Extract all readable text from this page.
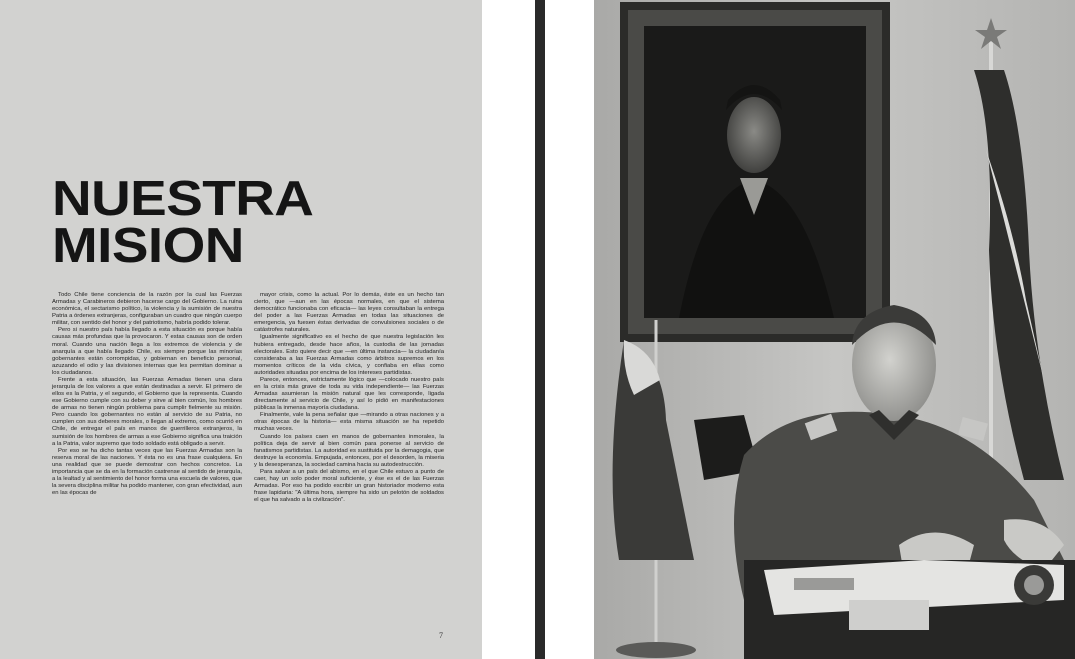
NUESTRA
MISION

Todo Chile tiene conciencia de la razón por la cual las Fuerzas Armadas y Carabineros debieron hacerse cargo del Gobierno. La ruina económica, el sectarismo político, la violencia y la sumisión de nuestra Patria a órdenes extranjeras, configuraban un cuadro que ningún cuerpo militar, con sentido del honor y del patriotismo, habría podido tolerar.

Pero si nuestro país había llegado a esta situación es porque había causas más profundas que la provocaron. Y estas causas son de orden moral. Cuando una nación llega a los extremos de violencia y de anarquía a que había llegado Chile, es siempre porque las minorías gobernantes están corrompidas, y gobiernan en beneficio personal, azuzando el odio y las divisiones internas que les permitan dominar a los ciudadanos.

Frente a esta situación, las Fuerzas Armadas tienen una clara jerarquía de los valores a que están destinadas a servir. El primero de ellos es la Patria, y el segundo, el Gobierno que la representa. Cuando ese Gobierno cumple con su deber y sirve al bien común, los hombres de armas no tienen ningún problema para cumplir fielmente su misión. Pero cuando los gobernantes no están al servicio de su Patria, no cumplen con sus deberes morales, o llegan al extremo, como ocurrió en Chile, de entregar el país en manos de guerrilleros extranjeros, la sumisión de los hombres de armas a ese Gobierno significa una traición a la Patria, valor supremo que todo soldado está obligado a servir.

Por eso se ha dicho tantas veces que las Fuerzas Armadas son la reserva moral de las naciones. Y ésta no es una frase cualquiera. En una realidad que se puede demostrar con hechos concretos. La importancia que se da en la formación castrense al sentido de jerarquía, a la lealtad y al sentimiento del honor forma una escuela de valores, que la severa disciplina militar ha podido mantener, con gran efectividad, aun en las épocas de

mayor crisis, como la actual. Por lo demás, éste es un hecho tan cierto, que —aun en las épocas normales, en que el sistema democrático funcionaba con eficacia— las leyes consultaban la entrega del poder a las Fuerzas Armadas en todas las situaciones de emergencia, ya fuesen éstas derivadas de convulsiones sociales o de catástrofes naturales.

Igualmente significativo es el hecho de que nuestra legislación les hubiera entregado, desde hace años, la custodia de las jornadas electorales. Esto quiere decir que —en última instancia— la ciudadanía consideraba a las Fuerzas Armadas como árbitros supremos en los momentos críticos de la vida cívica, y confiaba en ellas como autoridades situadas por encima de los intereses partidistas.

Parece, entonces, estrictamente lógico que —colocado nuestro país en la crisis más grave de toda su vida independiente— las Fuerzas Armadas asumieran la misión natural que les corresponde, ligada directamente al servicio de Chile, y así lo pidió en manifestaciones públicas la inmensa mayoría ciudadana.

Finalmente, vale la pena señalar que —mirando a otras naciones y a otras épocas de la historia— esta misma situación se ha repetido muchas veces.

Cuando los países caen en manos de gobernantes inmorales, la política deja de servir al bien común para ponerse al servicio de fanatismos partidistas. La autoridad es sustituida por la demagogia, que destruye la economía. Empujada, entonces, por el desorden, la miseria y la desesperanza, la sociedad camina hacia su autodestrucción.

Para salvar a un país del abismo, en el que Chile estuvo a punto de caer, hay un solo poder moral suficiente, y ése es el de las Fuerzas Armadas. Por eso ha podido escribir un gran historiador moderno esta frase lapidaria: "A última hora, siempre ha sido un pelotón de soldados el que ha salvado a la civilización".

7
